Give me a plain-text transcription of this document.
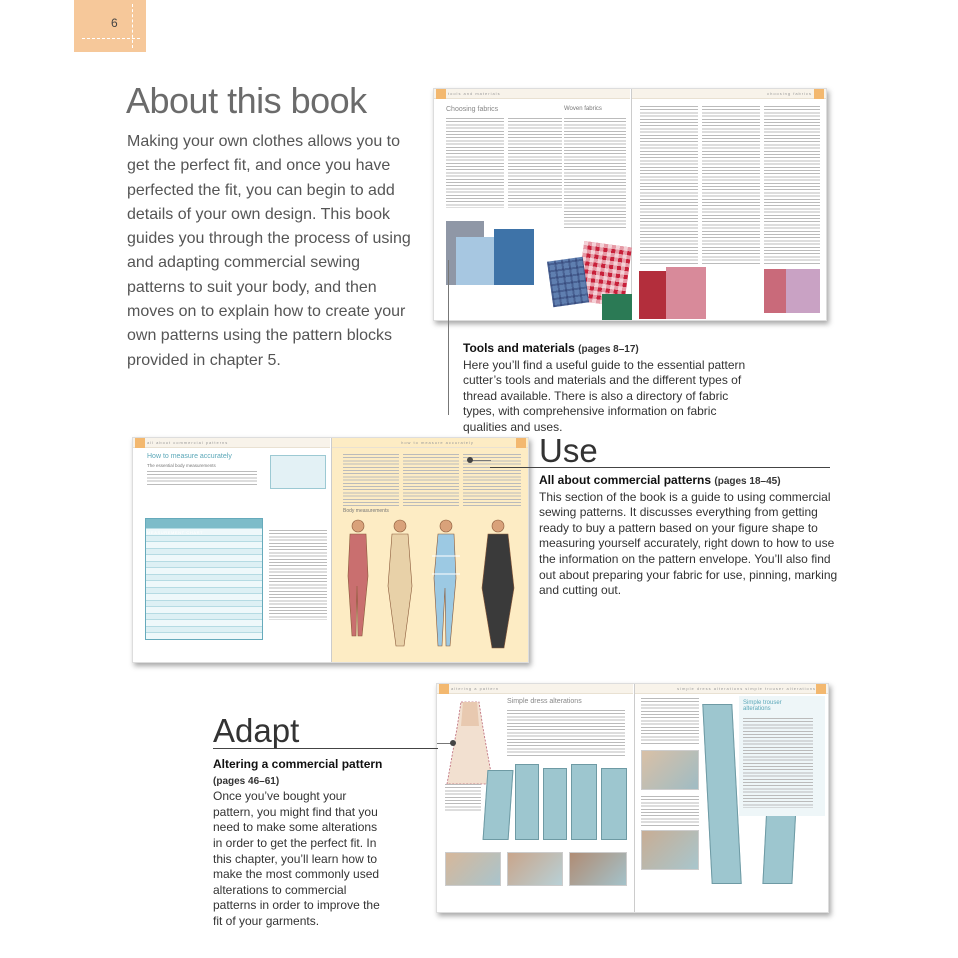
6
About this book

Making your own clothes allows you to get the perfect fit, and once you have perfected the fit, you can begin to add details of your own design. This book guides you through the process of using and adapting commercial sewing patterns to suit your body, and then moves on to explain how to create your own patterns using the pattern blocks provided in chapter 5.

tools and materials	choosing fabrics
Choosing fabrics	Woven fabrics
Tools and materials (pages 8–17)
Here you’ll find a useful guide to the essential pattern cutter’s tools and materials and the different types of thread available. There is also a directory of fabric types, with comprehensive information on fabric qualities and uses.
all about commercial patterns	how to measure accurately
How to measure accurately
The essential body measurements
Body measurements
MEASUREMENT CHART
Use
All about commercial patterns (pages 18–45)
This section of the book is a guide to using commercial sewing patterns. It discusses everything from getting ready to buy a pattern based on your figure shape to measuring yourself accurately, right down to how to use the information on the pattern envelope. You’ll also find out about preparing your fabric for use, pinning, marking and cutting out.
altering a pattern	simple dress alterations simple trouser alterations
Simple dress alterations	Simple trouser alterations
Adapt
Altering a commercial pattern (pages 46–61)
Once you’ve bought your pattern, you might find that you need to make some alterations in order to get the perfect fit. In this chapter, you’ll learn how to make the most commonly used alterations to commercial patterns in order to improve the fit of your garments.
